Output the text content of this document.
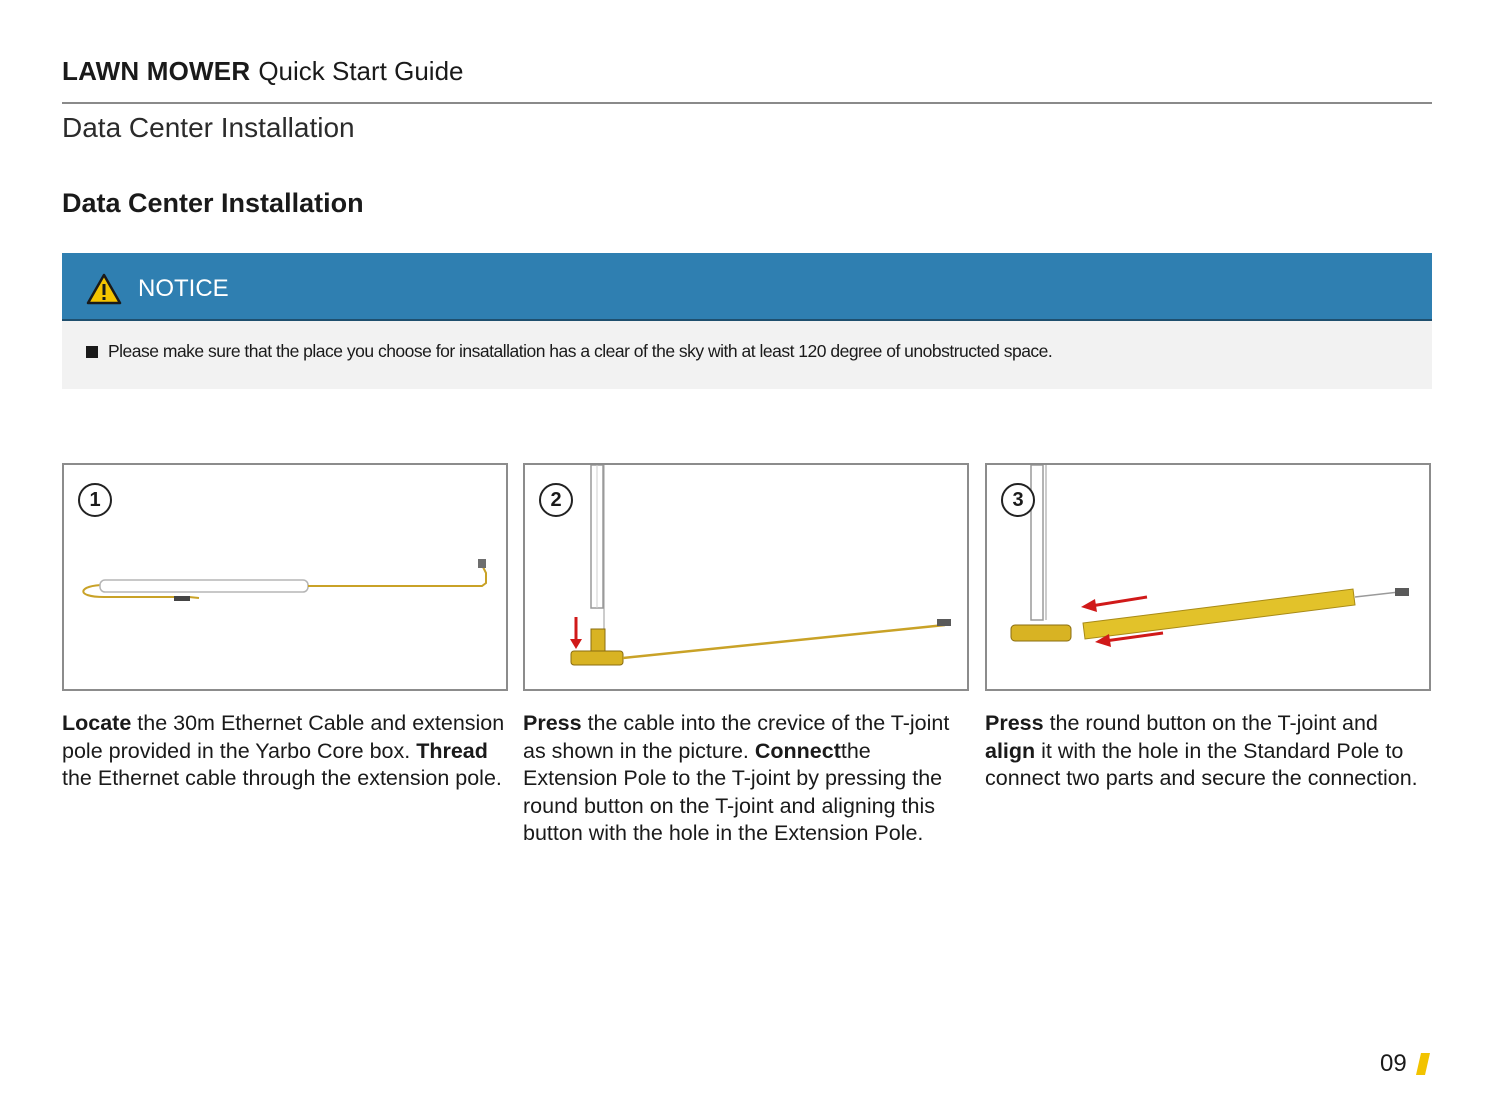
LAWN MOWER Quick Start Guide
Data Center Installation
Data Center Installation
NOTICE
Please make sure that the place you choose for insatallation has a clear of the sky with at least 120 degree of unobstructed space.
1	2	3
Locate the 30m Ethernet Cable and extension pole provided in the Yarbo Core box. Thread the Ethernet cable through the extension pole.
Press the cable into the crevice of the T-joint as shown in the picture. Connectthe Extension Pole to the T-joint by pressing the round button on the T-joint and aligning this button with the hole in the Extension Pole.
Press the round button on the T-joint and align it with the hole in the Standard Pole to connect two parts and secure the connection.
09
